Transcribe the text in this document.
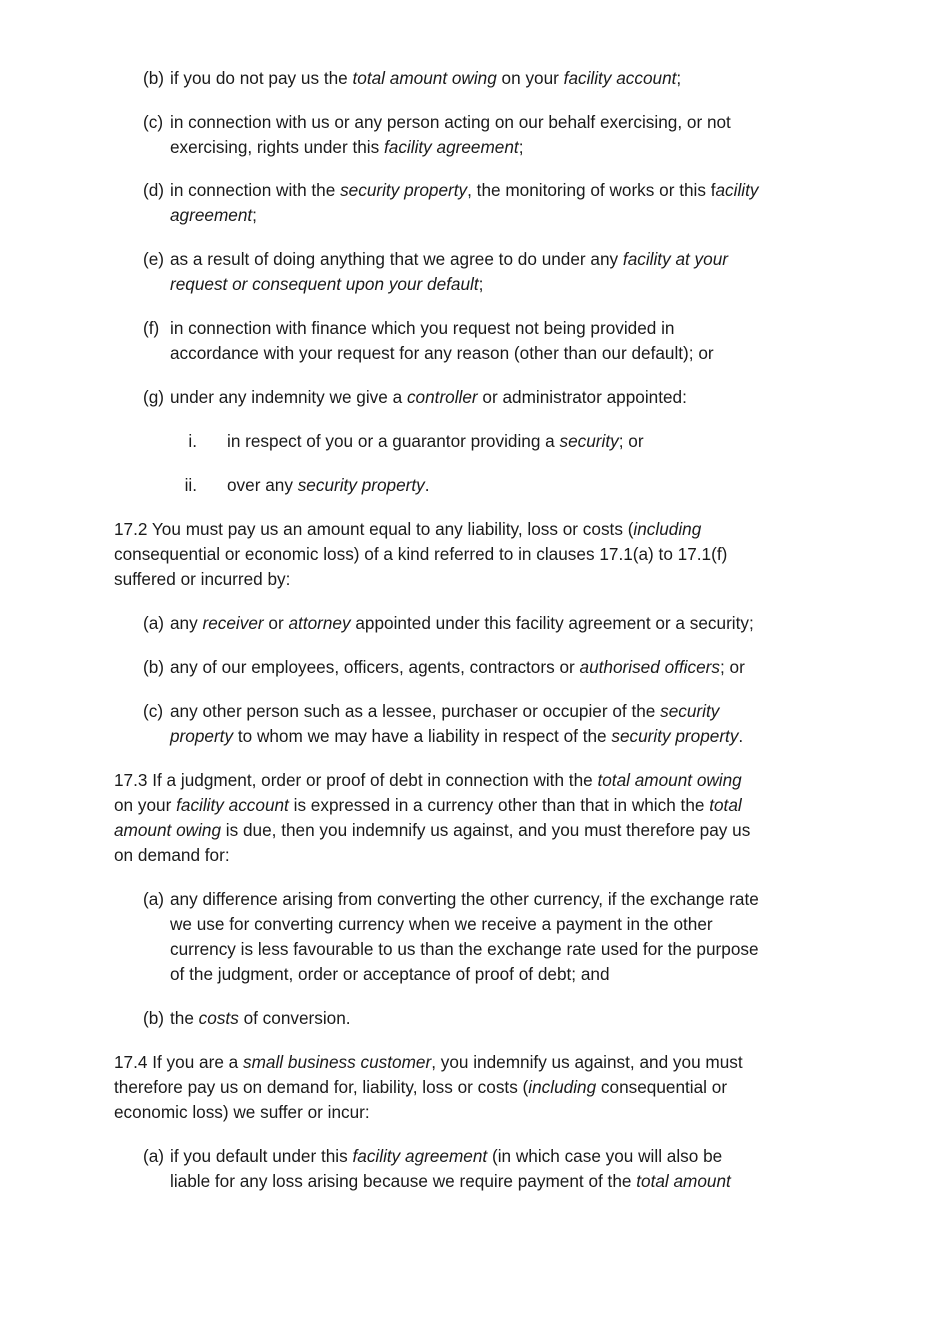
(b) if you do not pay us the total amount owing on your facility account;
(c) in connection with us or any person acting on our behalf exercising, or not
exercising, rights under this facility agreement;
(d) in connection with the security property, the monitoring of works or this facility
agreement;
(e) as a result of doing anything that we agree to do under any facility at your
request or consequent upon your default;
(f) in connection with finance which you request not being provided in
accordance with your request for any reason (other than our default); or
(g) under any indemnity we give a controller or administrator appointed:
i. in respect of you or a guarantor providing a security; or
ii. over any security property.
17.2 You must pay us an amount equal to any liability, loss or costs (including
consequential or economic loss) of a kind referred to in clauses 17.1(a) to 17.1(f)
suffered or incurred by:
(a) any receiver or attorney appointed under this facility agreement or a security;
(b) any of our employees, officers, agents, contractors or authorised officers; or
(c) any other person such as a lessee, purchaser or occupier of the security
property to whom we may have a liability in respect of the security property.
17.3 If a judgment, order or proof of debt in connection with the total amount owing
on your facility account is expressed in a currency other than that in which the total
amount owing is due, then you indemnify us against, and you must therefore pay us
on demand for:
(a) any difference arising from converting the other currency, if the exchange rate
we use for converting currency when we receive a payment in the other
currency is less favourable to us than the exchange rate used for the purpose
of the judgment, order or acceptance of proof of debt; and
(b) the costs of conversion.
17.4 If you are a small business customer, you indemnify us against, and you must
therefore pay us on demand for, liability, loss or costs (including consequential or
economic loss) we suffer or incur:
(a) if you default under this facility agreement (in which case you will also be
liable for any loss arising because we require payment of the total amount
